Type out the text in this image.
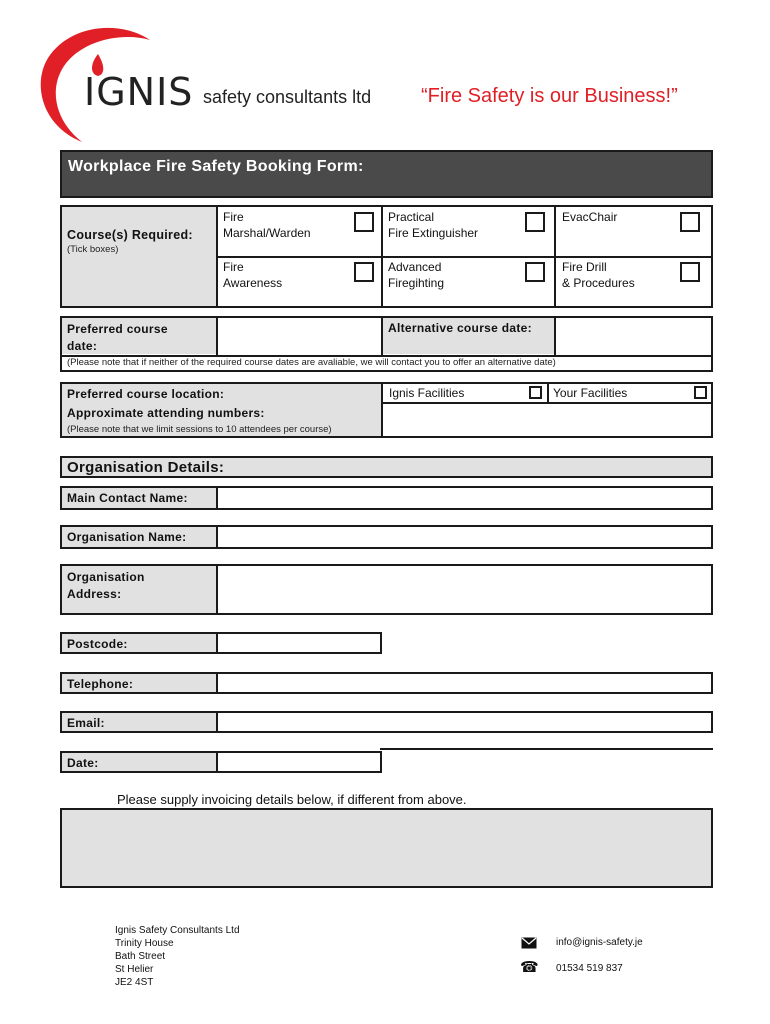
IGNIS safety consultants ltd “Fire Safety is our Business!”
Workplace Fire Safety Booking Form:
Course(s) Required:
(Tick boxes)
Fire
Marshal/Warden
Practical
Fire Extinguisher
EvacChair
Fire
Awareness
Advanced
Firegihting
Fire Drill
& Procedures
Preferred course
date:
Alternative course date:
(Please note that if neither of the required course dates are avaliable, we will contact you to offer an alternative date)
Preferred course location:	Ignis Facilities	Your Facilities
Approximate attending numbers:
(Please note that we limit sessions to 10 attendees per course)
Organisation Details:
Main Contact Name:
Organisation Name:
Organisation
Address:
Postcode:
Telephone:
Email:
Date:
Please supply invoicing details below, if different from above.
Ignis Safety Consultants Ltd
Trinity House
Bath Street
St Helier
JE2 4ST
info@ignis-safety.je
☎ 01534 519 837
